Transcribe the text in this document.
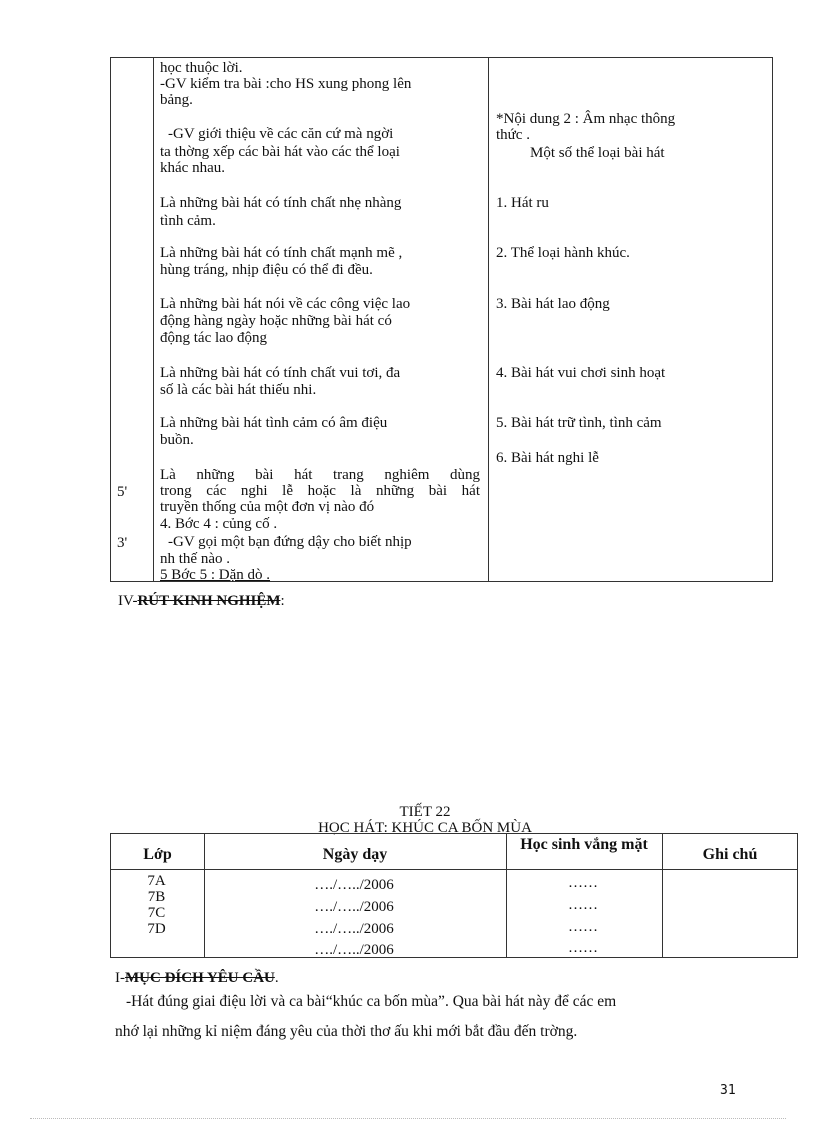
5'
3'
học thuộc lời.
-GV kiểm tra bài :cho HS xung phong lên
bảng.
-GV giới thiệu về các căn cứ mà ngời
ta thờng xếp các bài hát vào các thể loại
khác nhau.
Là những bài hát có tính chất nhẹ nhàng
tình cảm.
Là những bài hát có tính chất mạnh mẽ ,
hùng tráng, nhịp điệu có thể đi đều.
Là những bài hát nói về các công việc lao
động hàng ngày hoặc những bài hát có
động tác lao động
Là những bài hát có tính chất vui tơi, đa
số là các bài hát thiếu nhi.
Là những bài hát tình cảm có âm điệu
buồn.
Là những bài hát trang nghiêm dùng
trong các nghi lễ hoặc là những bài hát
truyền thống của một đơn vị nào đó
4. Bớc 4 : củng cố .
-GV gọi một bạn đứng dậy cho biết nhịp
nh thế nào .
5 Bớc 5 : Dặn dò .
*Nội dung 2 : Âm nhạc thông
thức .
Một số thể loại bài hát
1. Hát ru
2. Thể loại hành khúc.
3. Bài hát lao động
4. Bài hát vui chơi sinh hoạt
5. Bài hát trữ tình, tình cảm
6. Bài hát nghi lễ
IV-RÚT KINH NGHIỆM:
TIẾT 22
HỌC HÁT: KHÚC CA BỐN MÙA
Lớp	Ngày dạy
Học sinh vắng mặt
Ghi chú
7A
7B
7C
7D
…./…../2006
…./…../2006
…./…../2006
…./…../2006
……
……
……
……
I-MỤC ĐÍCH YÊU CẦU.
-Hát đúng giai điệu lời và ca bài“khúc ca bốn mùa”. Qua bài hát này để các em
nhớ lại những kỉ niệm đáng yêu của thời thơ ấu khi mới bắt đầu đến trờng.
31
